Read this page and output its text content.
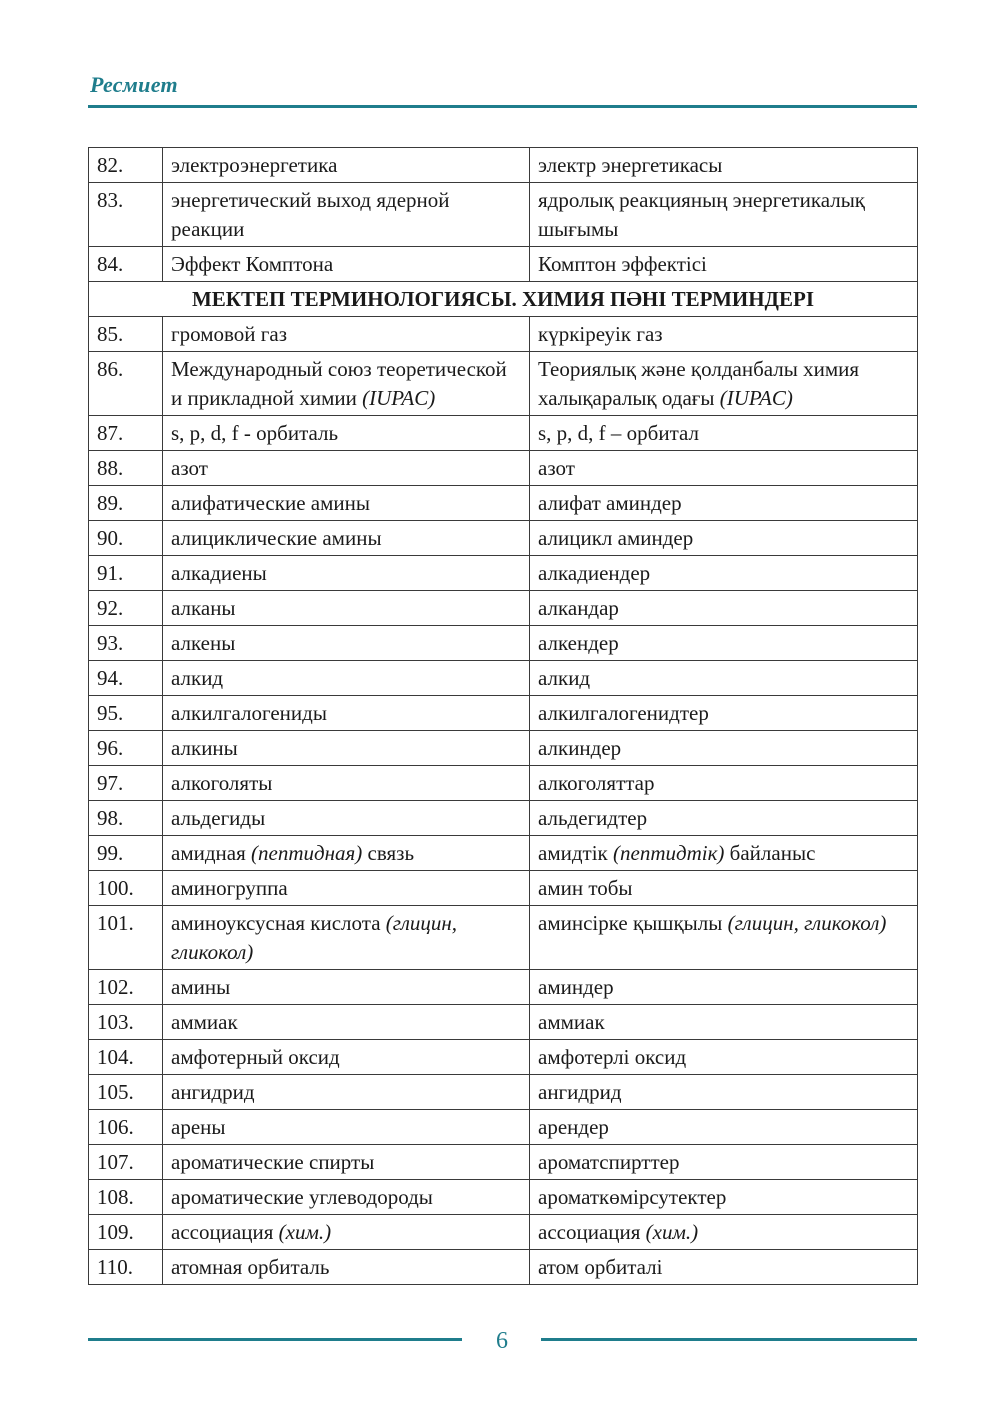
Ресмиет
82.	электроэнергетика	электр энергетикасы
83.	энергетический выход ядерной реакции	ядролық реакцияның энергетикалық шығымы
84.	Эффект Комптона	Комптон эффектісі
МЕКТЕП ТЕРМИНОЛОГИЯСЫ. ХИМИЯ ПӘНІ ТЕРМИНДЕРІ		
85.	громовой газ	күркіреуік газ
86.	Международный союз теоретической и прикладной химии (IUPAC)	Теориялық және қолданбалы химия халықаралық одағы (IUPAC)
87.	s, p, d, f - орбиталь	s, p, d, f – орбитал
88.	азот	азот
89.	алифатические амины	алифат аминдер
90.	алициклические амины	алицикл аминдер
91.	алкадиены	алкадиендер
92.	алканы	алкандар
93.	алкены	алкендер
94.	алкид	алкид
95.	алкилгалогениды	алкилгалогенидтер
96.	алкины	алкиндер
97.	алкоголяты	алкоголяттар
98.	альдегиды	альдегидтер
99.	амидная (пептидная) связь	амидтік (пептидтік) байланыс
100.	аминогруппа	амин тобы
101.	аминоуксусная кислота (глицин, гликокол)	аминсірке қышқылы (глицин, гликокол)
102.	амины	аминдер
103.	аммиак	аммиак
104.	амфотерный оксид	амфотерлі оксид
105.	ангидрид	ангидрид
106.	арены	арендер
107.	ароматические спирты	ароматспирттер
108.	ароматические углеводороды	ароматкөмірсутектер
109.	ассоциация (хим.)	ассоциация (хим.)
110.	атомная орбиталь	атом орбиталі
6
